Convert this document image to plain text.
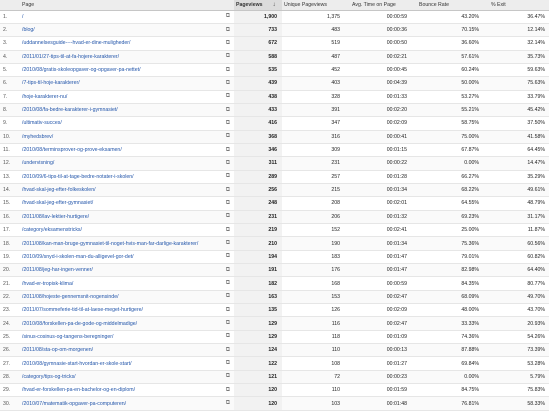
	Page		Pageviews ↓	Unique Pageviews	Avg. Time on Page	Bounce Rate	% Exit
1.	/	⧉	1,900	1,375	00:00:59	43.20%	36.47%
2.	/blog/	⧉	733	483	00:00:36	70.15%	12.14%
3.	/uddannelsesguide----hvad-er-dine-muligheder/	⧉	672	519	00:00:50	36.60%	32.14%
4.	/2011/01/27-tips-til-at-fa-hojere-karakterer/	⧉	588	487	00:02:21	57.61%	35.73%
5.	/2010/08/gratis-skoleopgaver-og-opgaver-pa-nettet/	⧉	535	452	00:00:45	60.24%	59.63%
6.	/7-tips-til-hoje-karakterer/	⧉	439	403	00:04:39	50.00%	75.63%
7.	/hoje-karakterer-nu/	⧉	438	328	00:01:33	53.27%	33.79%
8.	/2010/08/fa-bedre-karakterer-i-gymnasiet/	⧉	433	391	00:02:20	55.21%	45.42%
9.	/ultimativ-succes/	⧉	416	347	00:02:09	58.75%	37.50%
10.	/myhedsbrev/	⧉	368	316	00:00:41	75.00%	41.58%
11.	/2010/08/terminsprover-og-prove-eksamen/	⧉	346	309	00:01:15	67.87%	64.45%
12.	/undervisning/	⧉	311	231	00:00:22	0.00%	14.47%
13.	/2010/09/6-tips-til-at-tage-bedre-notater-i-skolen/	⧉	289	257	00:01:28	66.27%	35.29%
14.	/hvad-skal-jeg-efter-folkeskolen/	⧉	256	215	00:01:34	68.22%	49.61%
15.	/hvad-skal-jeg-efter-gymnasiet/	⧉	248	208	00:02:01	64.55%	48.79%
16.	/2011/08/lav-lektier-hurtigere/	⧉	231	206	00:01:32	69.23%	31.17%
17.	/category/eksamenstricks/	⧉	219	152	00:02:41	25.00%	11.87%
18.	/2011/08/kan-man-bruge-gymnasiet-til-noget-hvis-man-far-darlige-karakterer/	⧉	210	190	00:01:34	75.36%	60.56%
19.	/2010/09/snyd-i-skolen-man-du-alligevel-gor-det/	⧉	194	183	00:01:47	79.01%	60.82%
20.	/2011/08/jeg-har-ingen-venner/	⧉	191	176	00:01:47	82.98%	64.40%
21.	/hvad-er-tropisk-klima/	⧉	182	168	00:00:59	84.35%	80.77%
22.	/2011/08/hojeste-gennemsnit-nogensinde/	⧉	163	153	00:02:47	68.09%	49.70%
23.	/2011/07/sommeferie-tid-til-at-laese-meget-hurtigere/	⧉	135	126	00:02:09	48.00%	43.70%
24.	/2010/08/forskellen-pa-de-gode-og-middelmadige/	⧉	129	116	00:02:47	33.33%	20.93%
25.	/sinus-cosinus-og-tangens-beregninger/	⧉	129	118	00:01:09	74.36%	54.26%
26.	/2011/08/sta-op-om-morgenen/	⧉	124	110	00:00:13	87.88%	73.39%
27.	/2010/08/gymnasie-start-hvordan-er-skole-start/	⧉	122	108	00:01:27	69.84%	53.28%
28.	/category/tips-og-tricks/	⧉	121	72	00:00:23	0.00%	5.79%
29.	/hvad-er-forskellen-pa-en-bachelor-og-en-diplom/	⧉	120	110	00:01:59	84.75%	75.83%
30.	/2010/07/matematik-opgaver-pa-computeren/	⧉	120	103	00:01:48	76.81%	58.33%
